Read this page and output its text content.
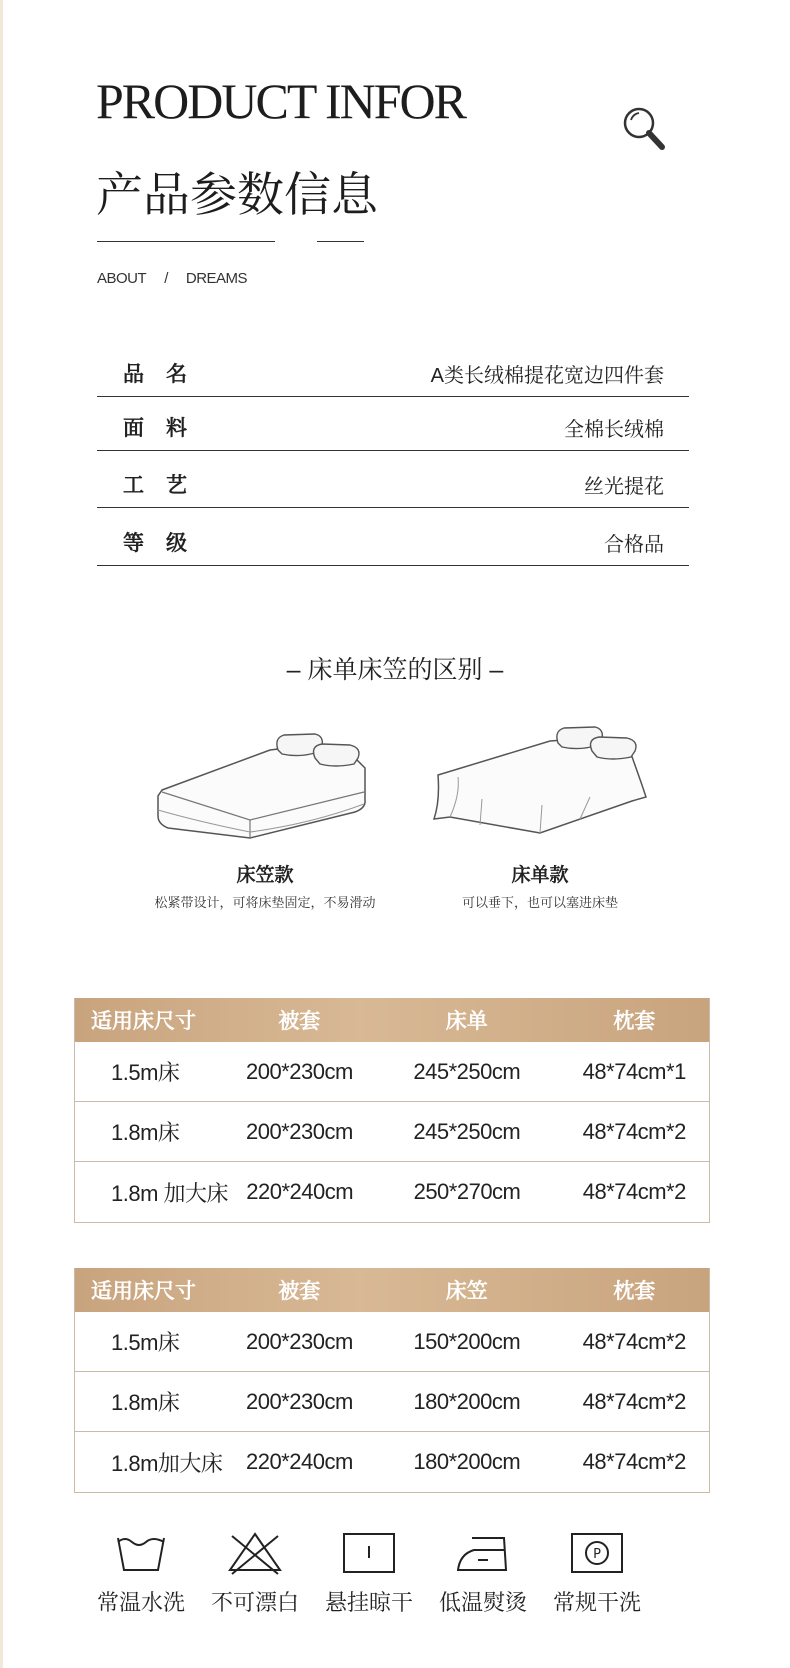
PRODUCT INFOR
产品参数信息
ABOUT / DREAMS
品名	A类长绒棉提花宽边四件套
面料	全棉长绒棉
工艺	丝光提花
等级	合格品
– 床单床笠的区别 –
床笠款
松紧带设计，可将床垫固定，不易滑动
床单款
可以垂下，也可以塞进床垫
适用床尺寸	被套	床单	枕套
1.5m床	200*230cm	245*250cm	48*74cm*1
1.8m床	200*230cm	245*250cm	48*74cm*2
1.8m 加大床 220*240cm	250*270cm	48*74cm*2
适用床尺寸	被套	床笠	枕套
1.5m床	200*230cm	150*200cm	48*74cm*2
1.8m床	200*230cm	180*200cm	48*74cm*2
1.8m加大床	220*240cm	180*200cm	48*74cm*2
常温水洗	不可漂白	悬挂晾干	低温熨烫
P
常规干洗
